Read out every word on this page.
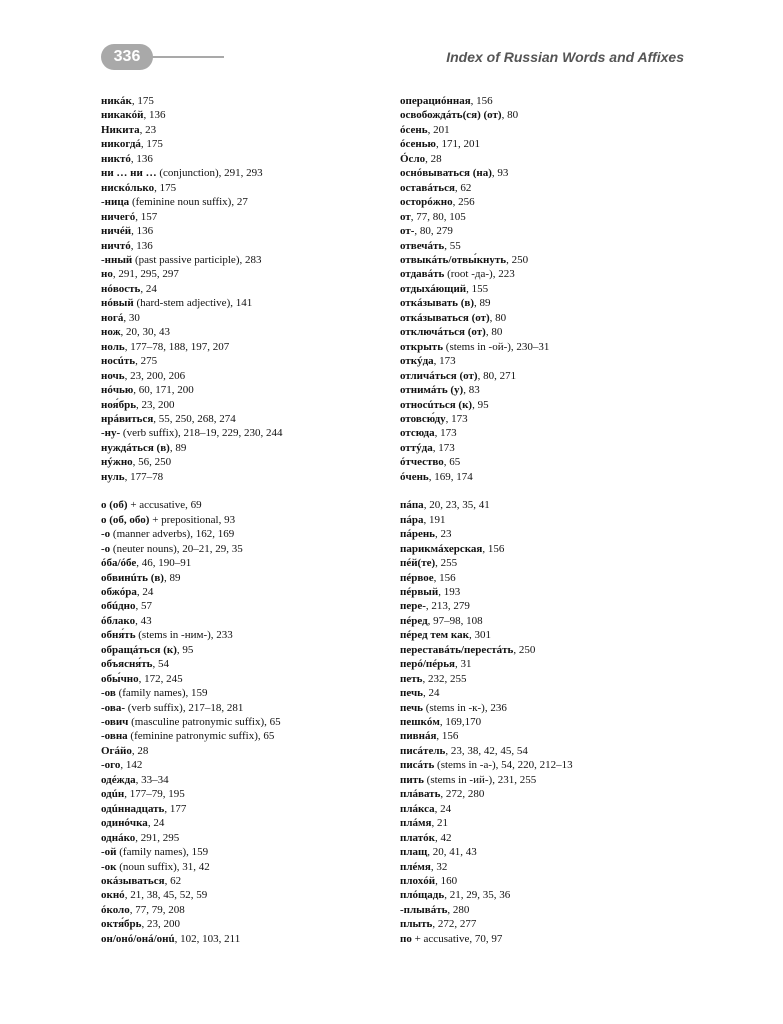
336	Index of Russian Words and Affixes
никáк, 175
никакóй, 136
Никита, 23
никогдá, 175
никтó, 136
ни … ни … (conjunction), 291, 293
нискóлько, 175
-ница (feminine noun suffix), 27
ничегó, 157
ничéй, 136
ничтó, 136
-нный (past passive participle), 283
но, 291, 295, 297
нóвость, 24
нóвый (hard-stem adjective), 141
ногá, 30
нож, 20, 30, 43
ноль, 177–78, 188, 197, 207
носúть, 275
ночь, 23, 200, 206
нóчью, 60, 171, 200
ноя́брь, 23, 200
нрáвиться, 55, 250, 268, 274
-ну- (verb suffix), 218–19, 229, 230, 244
нуждáться (в), 89
нýжно, 56, 250
нуль, 177–78
о (об) + accusative, 69
о (об, обо) + prepositional, 93
-о (manner adverbs), 162, 169
-о (neuter nouns), 20–21, 29, 35
óба/óбе, 46, 190–91
обвинúть (в), 89
обжóра, 24
обúдно, 57
óблако, 43
обня́ть (stems in -ним-), 233
обращáться (к), 95
объясня́ть, 54
обы́чно, 172, 245
-ов (family names), 159
-ова- (verb suffix), 217–18, 281
-ович (masculine patronymic suffix), 65
-овна (feminine patronymic suffix), 65
Огáйо, 28
-ого, 142
одéжда, 33–34
одúн, 177–79, 195
одúннадцать, 177
одинóчка, 24
однáко, 291, 295
-ой (family names), 159
-ок (noun suffix), 31, 42
окáзываться, 62
окнó, 21, 38, 45, 52, 59
óколо, 77, 79, 208
октя́брь, 23, 200
он/онó/онá/онú, 102, 103, 211
операциóнная, 156
освобождáть(ся) (от), 80
óсень, 201
óсенью, 171, 201
Óсло, 28
оснóвываться (на), 93
оставáться, 62
осторóжно, 256
от, 77, 80, 105
от-, 80, 279
отвечáть, 55
отвыкáть/отвы́кнуть, 250
отдавáть (root -да-), 223
отдыхáющий, 155
откáзывать (в), 89
откáзываться (от), 80
отключáться (от), 80
открыть (stems in -ой-), 230–31
откýда, 173
отличáться (от), 80, 271
отнимáть (у), 83
относúться (к), 95
отовсю́ду, 173
отсюда, 173
оттýда, 173
óтчество, 65
óчень, 169, 174
пáпа, 20, 23, 35, 41
пáра, 191
пáрень, 23
парикмáхерская, 156
пéй(те), 255
пéрвое, 156
пéрвый, 193
пере-, 213, 279
пéред, 97–98, 108
пéред тем как, 301
переставáть/перестáть, 250
перó/пéрья, 31
петь, 232, 255
печь, 24
печь (stems in -к-), 236
пешкóм, 169,170
пивнáя, 156
писáтель, 23, 38, 42, 45, 54
писáть (stems in -а-), 54, 220, 212–13
пить (stems in -ий-), 231, 255
плáвать, 272, 280
плáкса, 24
плáмя, 21
платóк, 42
плащ, 20, 41, 43
плéмя, 32
плохóй, 160
плóщадь, 21, 29, 35, 36
-плывáть, 280
плыть, 272, 277
по + accusative, 70, 97
